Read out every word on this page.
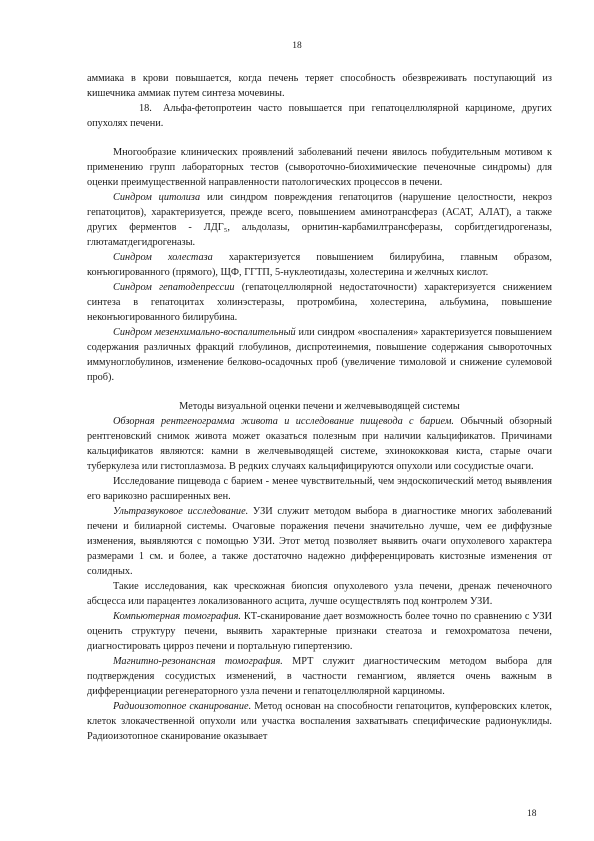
18

аммиака в крови повышается, когда печень теряет способность обезвреживать поступающий из кишечника аммиак путем синтеза мочевины.

18. Альфа-фетопротеин часто повышается при гепатоцеллюлярной карциноме, других опухолях печени.

Многообразие клинических проявлений заболеваний печени явилось побудительным мотивом к применению групп лабораторных тестов (сывороточно-биохимические печеночные синдромы) для оценки преимущественной направленности патологических процессов в печени.

Синдром цитолиза или синдром повреждения гепатоцитов (нарушение целостности, некроз гепатоцитов), характеризуется, прежде всего, повышением аминотрансфераз (АСАТ, АЛАТ), а также других ферментов - ЛДГ₅, альдолазы, орнитин-карбамилтрансферазы, сорбитдегидрогеназы, глютаматдегидрогеназы.

Синдром холестаза характеризуется повышением билирубина, главным образом, конъюгированного (прямого), ЩФ, ГГТП, 5-нуклеотидазы, холестерина и желчных кислот.

Синдром гепатодепрессии (гепатоцеллюлярной недостаточности) характеризуется снижением синтеза в гепатоцитах холинэстеразы, протромбина, холестерина, альбумина, повышение неконъюгированного билирубина.

Синдром мезенхимально-воспалительный или синдром «воспаления» характеризуется повышением содержания различных фракций глобулинов, диспротеинемия, повышение содержания сывороточных иммуноглобулинов, изменение белково-осадочных проб (увеличение тимоловой и снижение сулемовой проб).

Методы визуальной оценки печени и желчевыводящей системы

Обзорная рентгенограмма живота и исследование пищевода с барием. Обычный обзорный рентгеновский снимок живота может оказаться полезным при наличии кальцификатов. Причинами кальцификатов являются: камни в желчевыводящей системе, эхинококковая киста, старые очаги туберкулеза или гистоплазмоза. В редких случаях кальцифицируются опухоли или сосудистые очаги.

Исследование пищевода с барием - менее чувствительный, чем эндоскопический метод выявления его варикозно расширенных вен.

Ультразвуковое исследование. УЗИ служит методом выбора в диагностике многих заболеваний печени и билиарной системы. Очаговые поражения печени значительно лучше, чем ее диффузные изменения, выявляются с помощью УЗИ. Этот метод позволяет выявить очаги опухолевого характера размерами 1 см. и более, а также достаточно надежно дифференцировать кистозные изменения от солидных.

Такие исследования, как чрескожная биопсия опухолевого узла печени, дренаж печеночного абсцесса или парацентез локализованного асцита, лучше осуществлять под контролем УЗИ.

Компьютерная томография. КТ-сканирование дает возможность более точно по сравнению с УЗИ оценить структуру печени, выявить характерные признаки стеатоза и гемохроматоза печени, диагностировать цирроз печени и портальную гипертензию.

Магнитно-резонансная томография. МРТ служит диагностическим методом выбора для подтверждения сосудистых изменений, в частности гемангиом, является очень важным в дифференциации регенераторного узла печени и гепатоцеллюлярной карциномы.

Радиоизотопное сканирование. Метод основан на способности гепатоцитов, купферовских клеток, клеток злокачественной опухоли или участка воспаления захватывать специфические радионуклиды. Радиоизотопное сканирование оказывает

18
